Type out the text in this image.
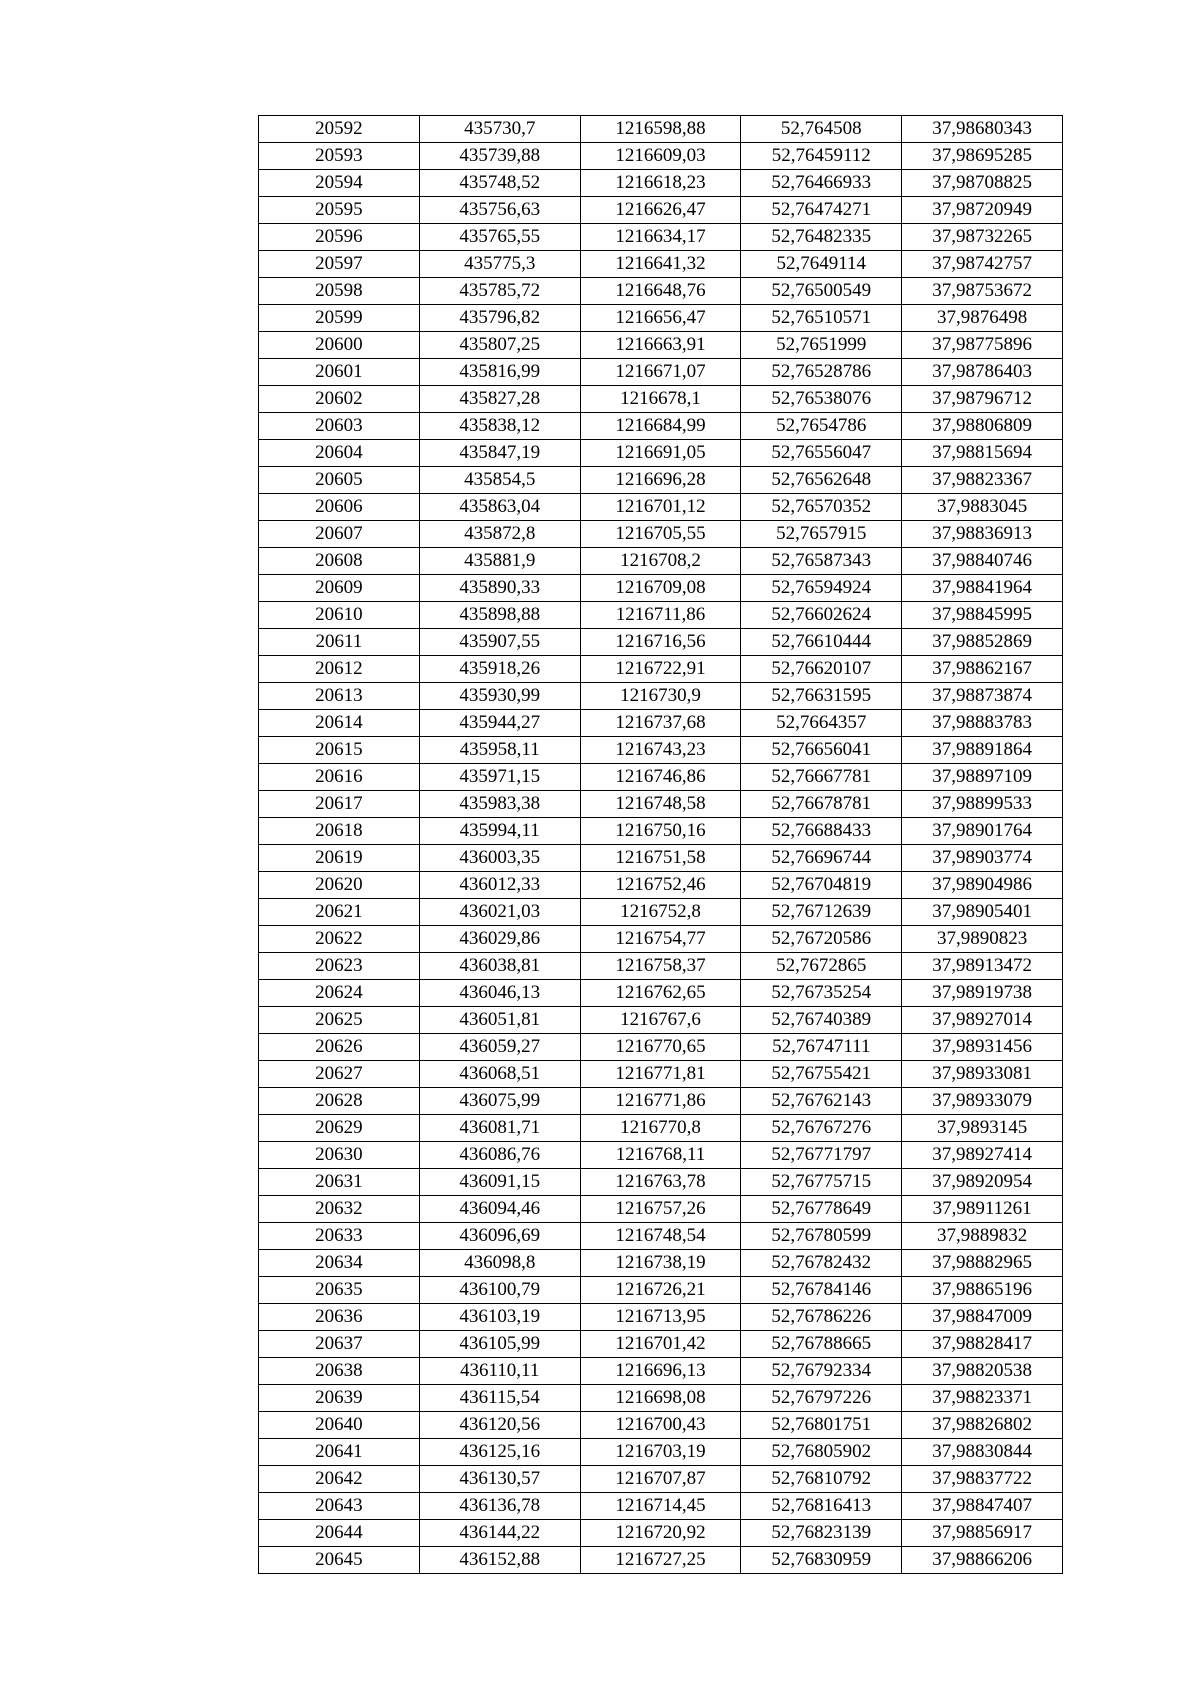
20592	435730,7	1216598,88	52,764508	37,98680343
20593	435739,88	1216609,03	52,76459112	37,98695285
20594	435748,52	1216618,23	52,76466933	37,98708825
20595	435756,63	1216626,47	52,76474271	37,98720949
20596	435765,55	1216634,17	52,76482335	37,98732265
20597	435775,3	1216641,32	52,7649114	37,98742757
20598	435785,72	1216648,76	52,76500549	37,98753672
20599	435796,82	1216656,47	52,76510571	37,9876498
20600	435807,25	1216663,91	52,7651999	37,98775896
20601	435816,99	1216671,07	52,76528786	37,98786403
20602	435827,28	1216678,1	52,76538076	37,98796712
20603	435838,12	1216684,99	52,7654786	37,98806809
20604	435847,19	1216691,05	52,76556047	37,98815694
20605	435854,5	1216696,28	52,76562648	37,98823367
20606	435863,04	1216701,12	52,76570352	37,9883045
20607	435872,8	1216705,55	52,7657915	37,98836913
20608	435881,9	1216708,2	52,76587343	37,98840746
20609	435890,33	1216709,08	52,76594924	37,98841964
20610	435898,88	1216711,86	52,76602624	37,98845995
20611	435907,55	1216716,56	52,76610444	37,98852869
20612	435918,26	1216722,91	52,76620107	37,98862167
20613	435930,99	1216730,9	52,76631595	37,98873874
20614	435944,27	1216737,68	52,7664357	37,98883783
20615	435958,11	1216743,23	52,76656041	37,98891864
20616	435971,15	1216746,86	52,76667781	37,98897109
20617	435983,38	1216748,58	52,76678781	37,98899533
20618	435994,11	1216750,16	52,76688433	37,98901764
20619	436003,35	1216751,58	52,76696744	37,98903774
20620	436012,33	1216752,46	52,76704819	37,98904986
20621	436021,03	1216752,8	52,76712639	37,98905401
20622	436029,86	1216754,77	52,76720586	37,9890823
20623	436038,81	1216758,37	52,7672865	37,98913472
20624	436046,13	1216762,65	52,76735254	37,98919738
20625	436051,81	1216767,6	52,76740389	37,98927014
20626	436059,27	1216770,65	52,76747111	37,98931456
20627	436068,51	1216771,81	52,76755421	37,98933081
20628	436075,99	1216771,86	52,76762143	37,98933079
20629	436081,71	1216770,8	52,76767276	37,9893145
20630	436086,76	1216768,11	52,76771797	37,98927414
20631	436091,15	1216763,78	52,76775715	37,98920954
20632	436094,46	1216757,26	52,76778649	37,98911261
20633	436096,69	1216748,54	52,76780599	37,9889832
20634	436098,8	1216738,19	52,76782432	37,98882965
20635	436100,79	1216726,21	52,76784146	37,98865196
20636	436103,19	1216713,95	52,76786226	37,98847009
20637	436105,99	1216701,42	52,76788665	37,98828417
20638	436110,11	1216696,13	52,76792334	37,98820538
20639	436115,54	1216698,08	52,76797226	37,98823371
20640	436120,56	1216700,43	52,76801751	37,98826802
20641	436125,16	1216703,19	52,76805902	37,98830844
20642	436130,57	1216707,87	52,76810792	37,98837722
20643	436136,78	1216714,45	52,76816413	37,98847407
20644	436144,22	1216720,92	52,76823139	37,98856917
20645	436152,88	1216727,25	52,76830959	37,98866206
